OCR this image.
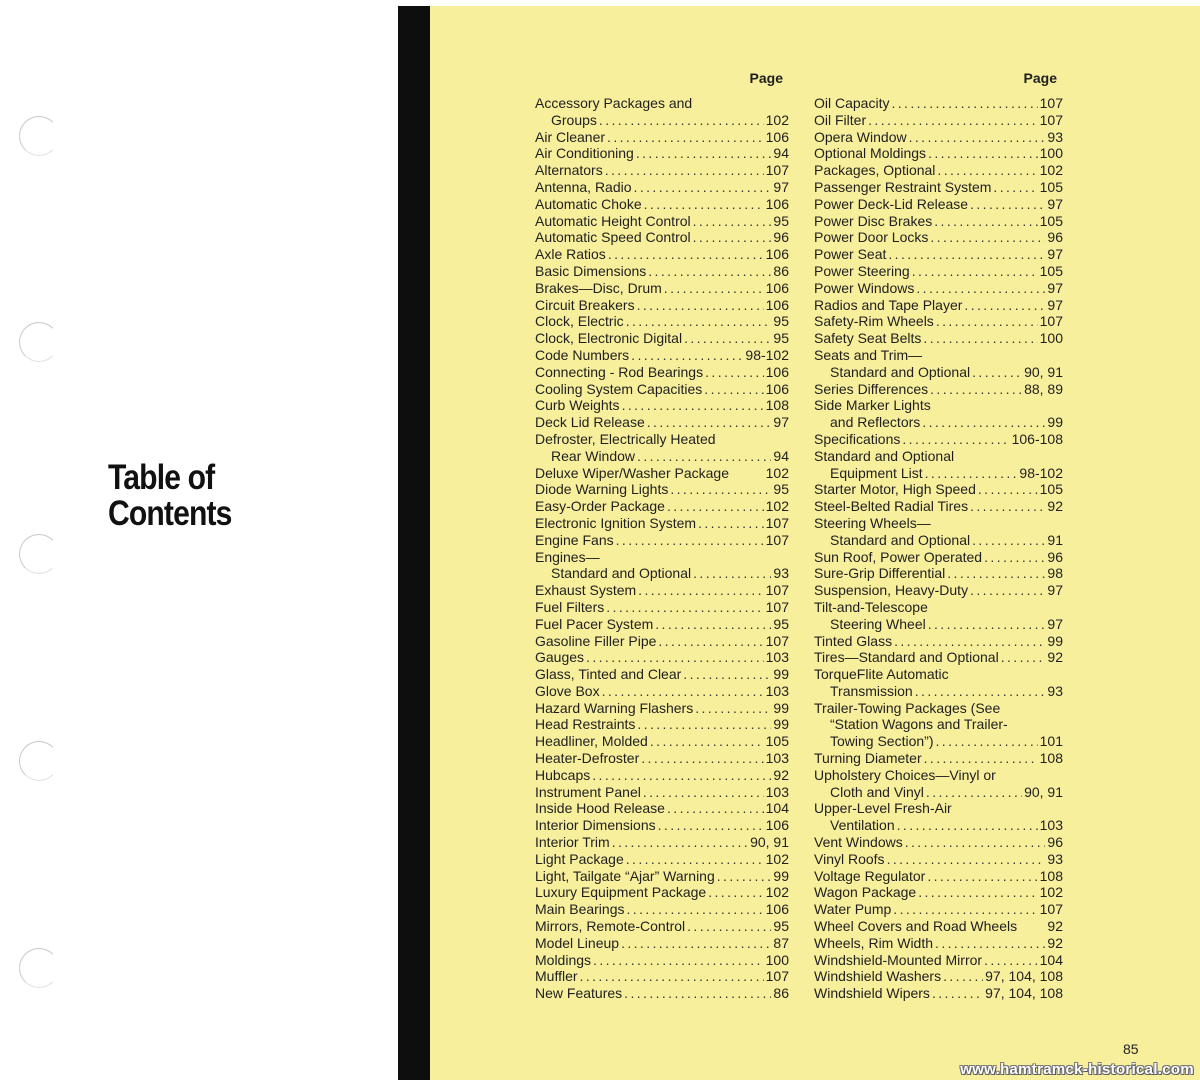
Table of
Contents
Page
Accessory Packages and
Groups .....	102
Air Cleaner .....	106
Air Conditioning .....	94
Alternators .....	107
Antenna, Radio .....	97
Automatic Choke .....	106
Automatic Height Control .....	95
Automatic Speed Control .....	96
Axle Ratios .....	106
Basic Dimensions .....	86
Brakes—Disc, Drum .....	106
Circuit Breakers .....	106
Clock, Electric .....	95
Clock, Electronic Digital .....	95
Code Numbers .....	98-102
Connecting - Rod Bearings .....	106
Cooling System Capacities .....	106
Curb Weights .....	108
Deck Lid Release .....	97
Defroster, Electrically Heated
Rear Window .....	94
Deluxe Wiper/Washer Package	102
Diode Warning Lights .....	95
Easy-Order Package .....	102
Electronic Ignition System .....	107
Engine Fans .....	107
Engines—
Standard and Optional .....	93
Exhaust System .....	107
Fuel Filters .....	107
Fuel Pacer System .....	95
Gasoline Filler Pipe .....	107
Gauges .....	103
Glass, Tinted and Clear .....	99
Glove Box .....	103
Hazard Warning Flashers .....	99
Head Restraints .....	99
Headliner, Molded .....	105
Heater-Defroster .....	103
Hubcaps .....	92
Instrument Panel .....	103
Inside Hood Release .....	104
Interior Dimensions .....	106
Interior Trim .....	90, 91
Light Package .....	102
Light, Tailgate “Ajar” Warning .....	99
Luxury Equipment Package .....	102
Main Bearings .....	106
Mirrors, Remote-Control .....	95
Model Lineup .....	87
Moldings .....	100
Muffler .....	107
New Features .....	86
Page
Oil Capacity .....	107
Oil Filter .....	107
Opera Window .....	93
Optional Moldings .....	100
Packages, Optional .....	102
Passenger Restraint System .....	105
Power Deck-Lid Release .....	97
Power Disc Brakes .....	105
Power Door Locks .....	96
Power Seat .....	97
Power Steering .....	105
Power Windows .....	97
Radios and Tape Player .....	97
Safety-Rim Wheels .....	107
Safety Seat Belts .....	100
Seats and Trim—
Standard and Optional .....	90, 91
Series Differences .....	88, 89
Side Marker Lights
and Reflectors .....	99
Specifications .....	106-108
Standard and Optional
Equipment List .....	98-102
Starter Motor, High Speed .....	105
Steel-Belted Radial Tires .....	92
Steering Wheels—
Standard and Optional .....	91
Sun Roof, Power Operated .....	96
Sure-Grip Differential .....	98
Suspension, Heavy-Duty .....	97
Tilt-and-Telescope
Steering Wheel .....	97
Tinted Glass .....	99
Tires—Standard and Optional .....	92
TorqueFlite Automatic
Transmission .....	93
Trailer-Towing Packages (See
“Station Wagons and Trailer-
Towing Section”) .....	101
Turning Diameter .....	108
Upholstery Choices—Vinyl or
Cloth and Vinyl .....	90, 91
Upper-Level Fresh-Air
Ventilation .....	103
Vent Windows .....	96
Vinyl Roofs .....	93
Voltage Regulator .....	108
Wagon Package .....	102
Water Pump .....	107
Wheel Covers and Road Wheels 92
Wheels, Rim Width .....	92
Windshield-Mounted Mirror .....	104
Windshield Washers .....	97, 104, 108
Windshield Wipers .....	97, 104, 108
85
www.hamtramck-historical.com
